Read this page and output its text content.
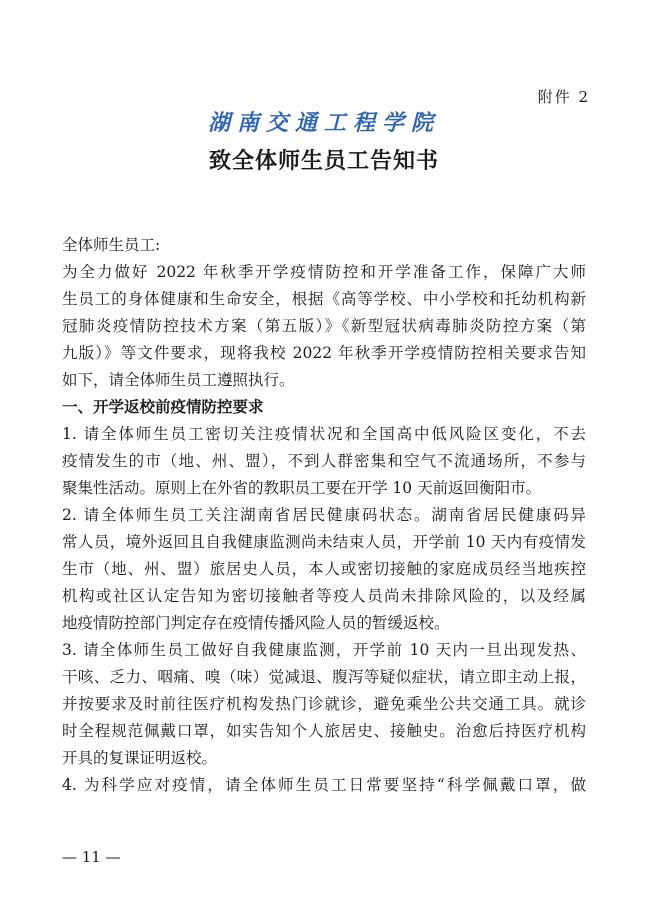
附件 2
湖南交通工程学院
致全体师生员工告知书
全体师生员工:
为全力做好 2022 年秋季开学疫情防控和开学准备工作，保障广大师
生员工的身体健康和生命安全，根据《高等学校、中小学校和托幼机构新
冠肺炎疫情防控技术方案（第五版）》《新型冠状病毒肺炎防控方案（第
九版）》等文件要求，现将我校 2022 年秋季开学疫情防控相关要求告知
如下，请全体师生员工遵照执行。
一、开学返校前疫情防控要求
1. 请全体师生员工密切关注疫情状况和全国高中低风险区变化，不去
疫情发生的市（地、州、盟），不到人群密集和空气不流通场所，不参与
聚集性活动。原则上在外省的教职员工要在开学 10 天前返回衡阳市。
2. 请全体师生员工关注湖南省居民健康码状态。湖南省居民健康码异
常人员，境外返回且自我健康监测尚未结束人员，开学前 10 天内有疫情发
生市（地、州、盟）旅居史人员，本人或密切接触的家庭成员经当地疾控
机构或社区认定告知为密切接触者等疫人员尚未排除风险的，以及经属
地疫情防控部门判定存在疫情传播风险人员的暂缓返校。
3. 请全体师生员工做好自我健康监测，开学前 10 天内一旦出现发热、
干咳、乏力、咽痛、嗅（味）觉减退、腹泻等疑似症状，请立即主动上报，
并按要求及时前往医疗机构发热门诊就诊，避免乘坐公共交通工具。就诊
时全程规范佩戴口罩，如实告知个人旅居史、接触史。治愈后持医疗机构
开具的复课证明返校。
4. 为科学应对疫情，请全体师生员工日常要坚持“科学佩戴口罩，做
— 11 —
